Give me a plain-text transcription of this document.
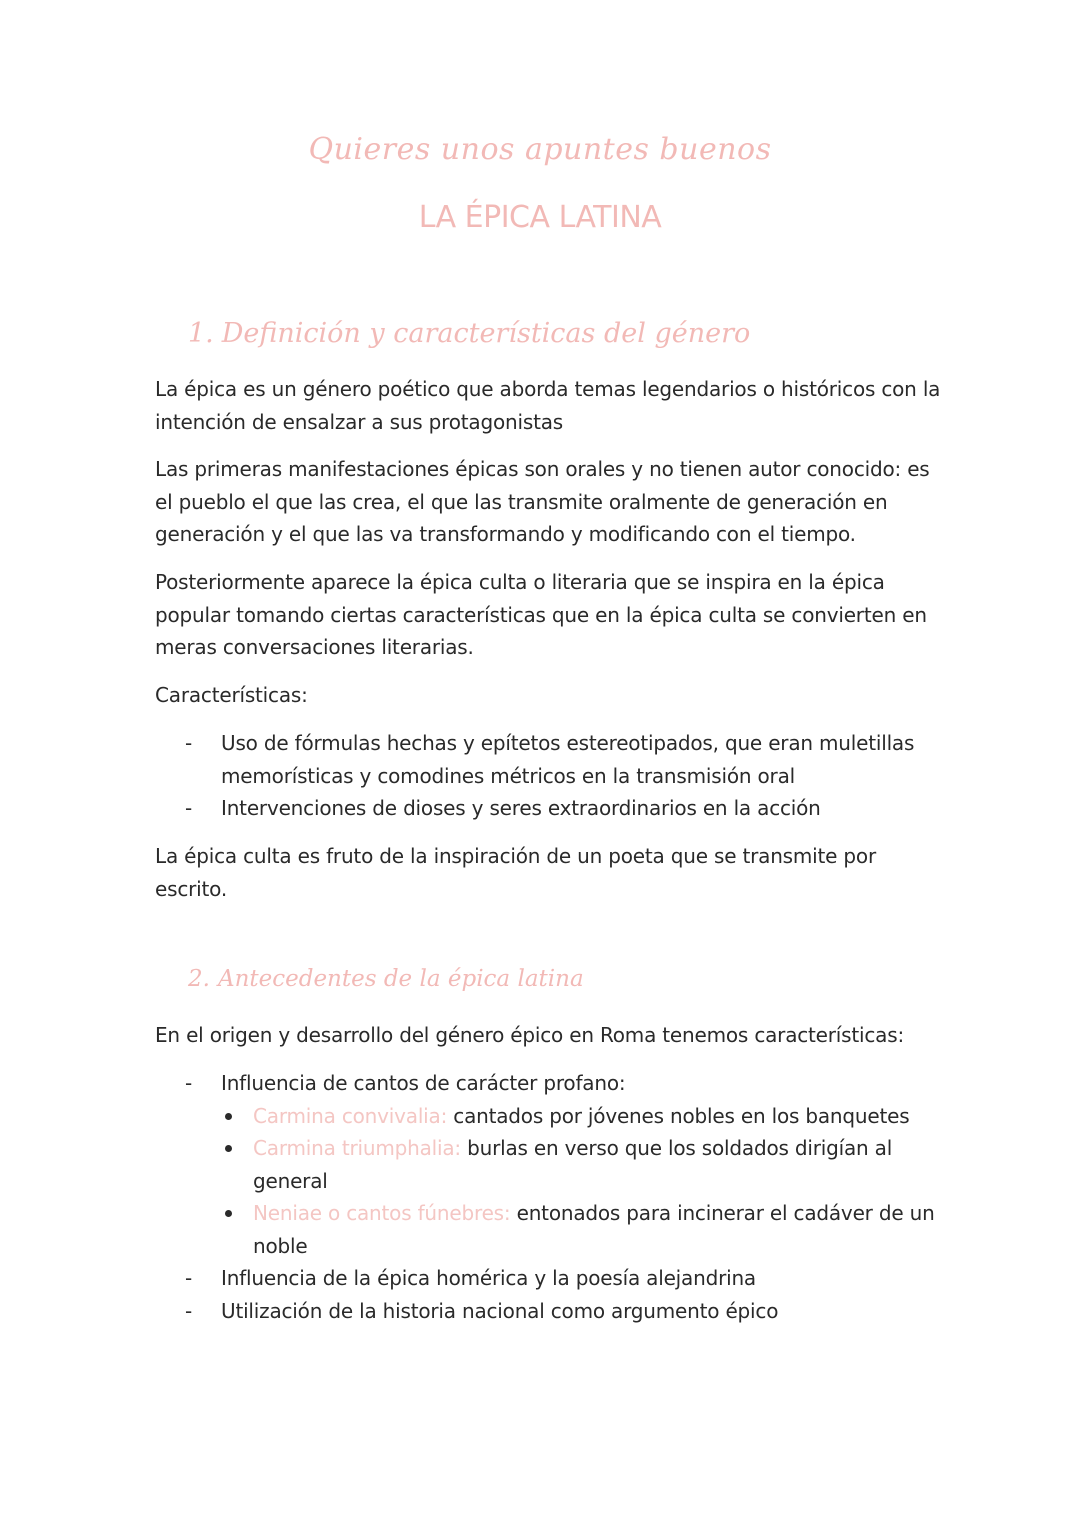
Quieres unos apuntes buenos
LA ÉPICA LATINA
1. Definición y características del género
La épica es un género poético que aborda temas legendarios o históricos con la intención de ensalzar a sus protagonistas
Las primeras manifestaciones épicas son orales y no tienen autor conocido: es el pueblo el que las crea, el que las transmite oralmente de generación en generación y el que las va transformando y modificando con el tiempo.
Posteriormente aparece la épica culta o literaria que se inspira en la épica popular tomando ciertas características que en la épica culta se convierten en meras conversaciones literarias.
Características:
- Uso de fórmulas hechas y epítetos estereotipados, que eran muletillas memorísticas y comodines métricos en la transmisión oral
- Intervenciones de dioses y seres extraordinarios en la acción
La épica culta es fruto de la inspiración de un poeta que se transmite por escrito.
2. Antecedentes de la épica latina
En el origen y desarrollo del género épico en Roma tenemos características:
- Influencia de cantos de carácter profano:
Carmina convivalia: cantados por jóvenes nobles en los banquetes
Carmina triumphalia: burlas en verso que los soldados dirigían al general
Neniae o cantos fúnebres: entonados para incinerar el cadáver de un noble
- Influencia de la épica homérica y la poesía alejandrina
- Utilización de la historia nacional como argumento épico
